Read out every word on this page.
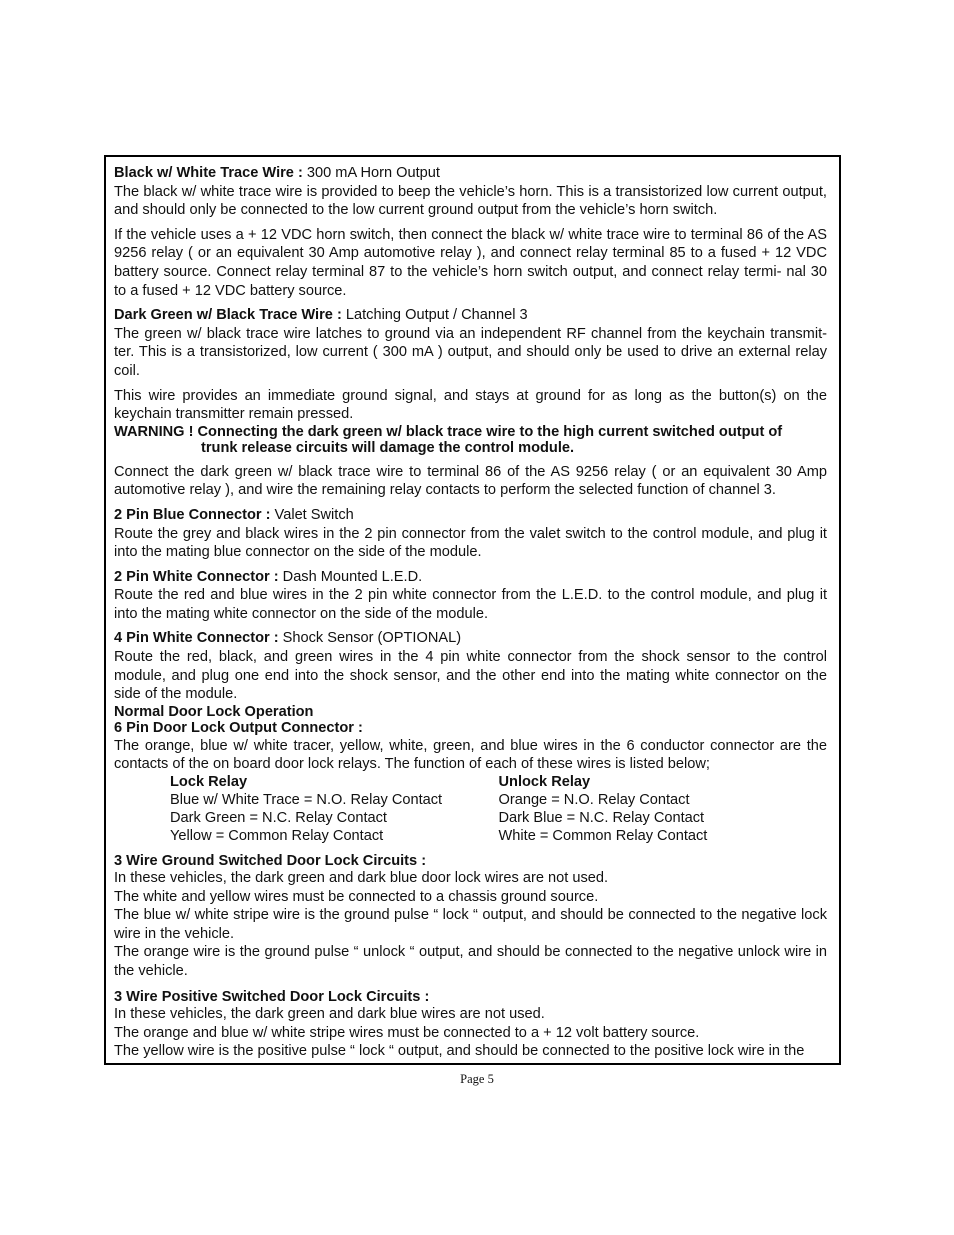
Black w/ White Trace Wire : 300 mA Horn Output

The black w/ white trace wire is provided to beep the vehicle’s horn. This is a transistorized low current output, and should only be connected to the low current ground output from the vehicle’s horn switch.

If the vehicle uses a + 12 VDC horn switch, then connect the black w/ white trace wire to terminal 86 of the AS 9256 relay ( or an equivalent 30 Amp automotive relay ), and connect relay terminal 85 to a fused + 12 VDC battery source. Connect relay terminal 87 to the vehicle’s horn switch output, and connect relay termi- nal 30 to a fused + 12 VDC battery source.

Dark Green w/ Black Trace Wire : Latching Output / Channel 3

The green w/ black trace wire latches to ground via an independent RF channel from the keychain transmit- ter. This is a transistorized, low current ( 300 mA ) output, and should only be used to drive an external relay coil.

This wire provides an immediate ground signal, and stays at ground for as long as the button(s) on the keychain transmitter remain pressed.

WARNING ! Connecting the dark green w/ black trace wire to the high current switched output of

trunk release circuits will damage the control module.

Connect the dark green w/ black trace wire to terminal 86 of the AS 9256 relay ( or an equivalent 30 Amp automotive relay ), and wire the remaining relay contacts to perform the selected function of channel 3.

2 Pin Blue Connector : Valet Switch

Route the grey and black wires in the 2 pin connector from the valet switch to the control module, and plug it into the mating blue connector on the side of the module.

2 Pin White Connector : Dash Mounted L.E.D.

Route the red and blue wires in the 2 pin white connector from the L.E.D. to the control module, and plug it into the mating white connector on the side of the module.

4 Pin White Connector : Shock Sensor (OPTIONAL)

Route the red, black, and green wires in the 4 pin white connector from the shock sensor to the control module, and plug one end into the shock sensor, and the other end into the mating white connector on the side of the module.

Normal Door Lock Operation

6 Pin Door Lock Output Connector :

The orange, blue w/ white tracer, yellow, white, green, and blue wires in the 6 conductor connector are the contacts of the on board door lock relays. The function of each of these wires is listed below;

Lock Relay
Blue w/ White Trace = N.O. Relay Contact
Dark Green = N.C. Relay Contact
Yellow = Common Relay Contact
Unlock Relay
Orange = N.O. Relay Contact
Dark Blue = N.C. Relay Contact
White = Common Relay Contact

3 Wire Ground Switched Door Lock Circuits :

In these vehicles, the dark green and dark blue door lock wires are not used.

The white and yellow wires must be connected to a chassis ground source.

The blue w/ white stripe wire is the ground pulse “ lock “ output, and should be connected to the negative lock wire in the vehicle.

The orange wire is the ground pulse “ unlock “ output, and should be connected to the negative unlock wire in the vehicle.

3 Wire Positive Switched Door Lock Circuits :

In these vehicles, the dark green and dark blue wires are not used.

The orange and blue w/ white stripe wires must be connected to a + 12 volt battery source.

The yellow wire is the positive pulse “ lock “ output, and should be connected to the positive lock wire in the

Page 5
